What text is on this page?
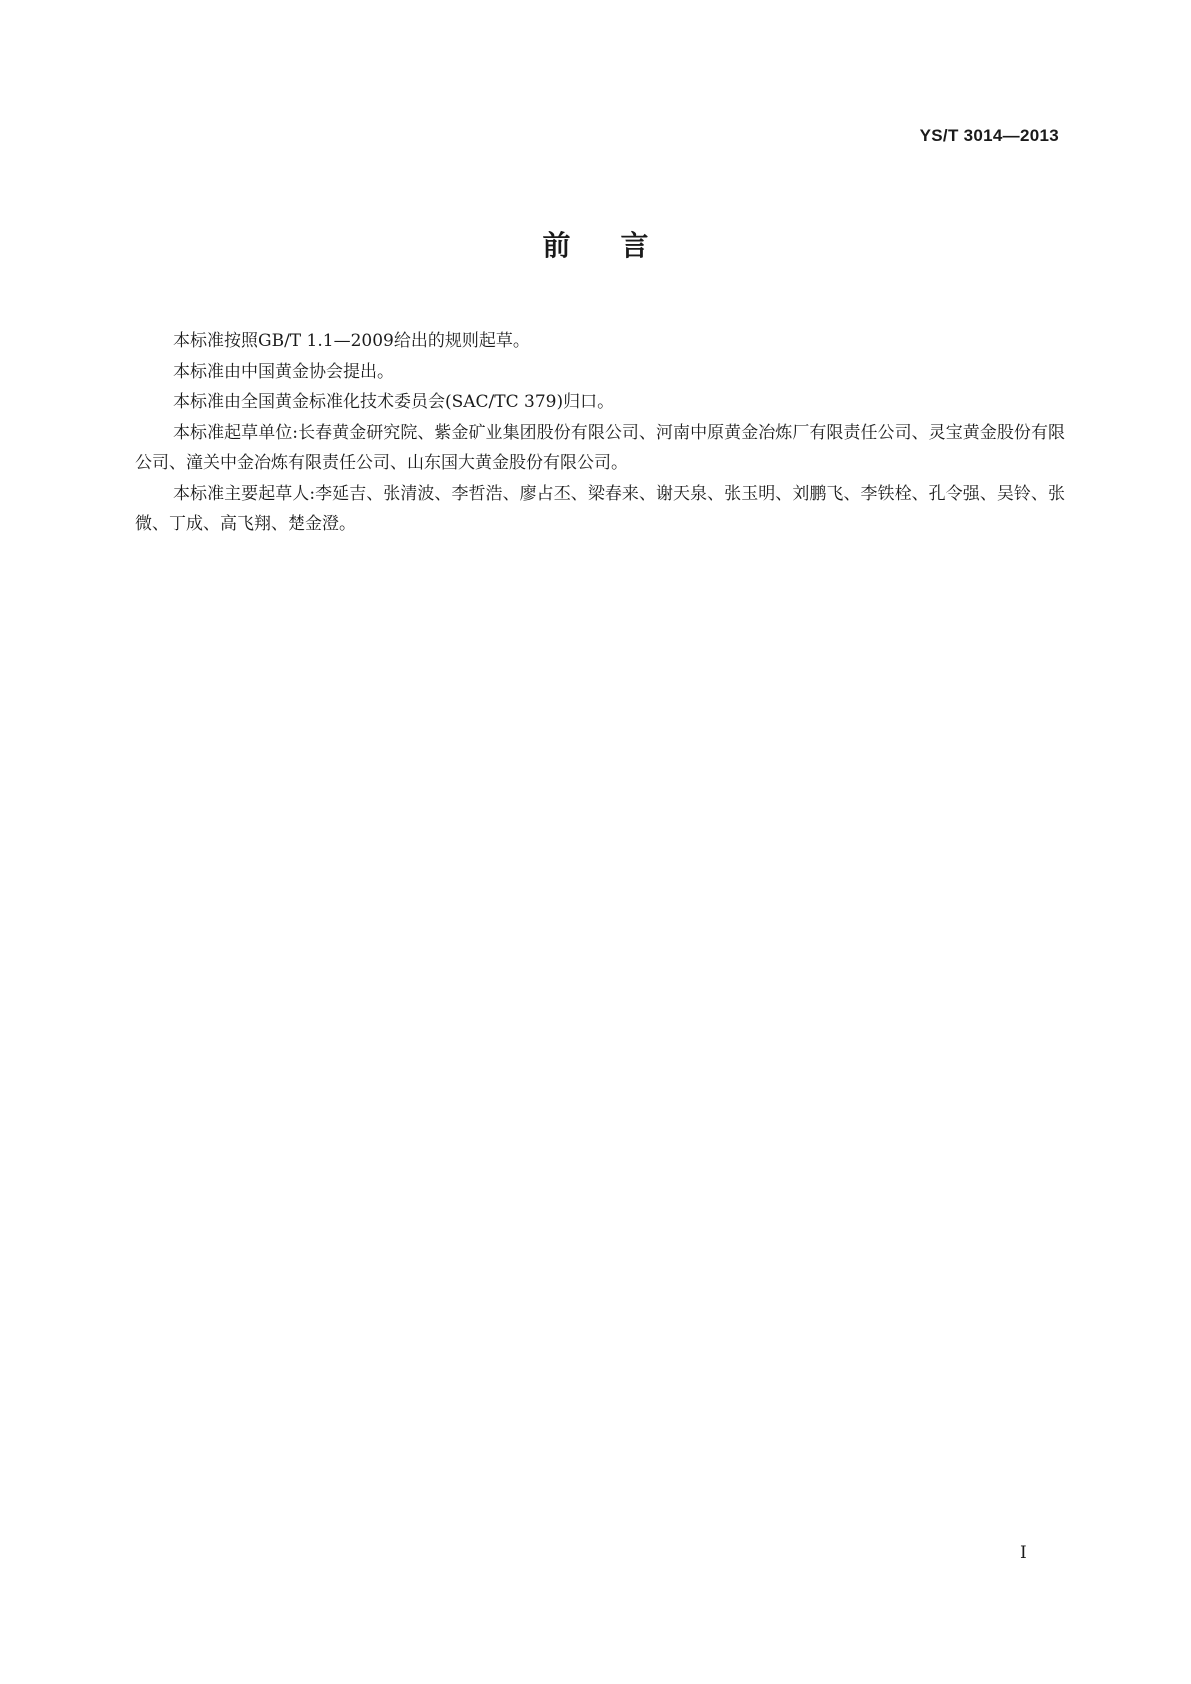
YS/T 3014—2013
前言

本标准按照GB/T 1.1—2009给出的规则起草。

本标准由中国黄金协会提出。

本标准由全国黄金标准化技术委员会(SAC/TC 379)归口。

本标准起草单位:长春黄金研究院、紫金矿业集团股份有限公司、河南中原黄金冶炼厂有限责任公司、灵宝黄金股份有限公司、潼关中金冶炼有限责任公司、山东国大黄金股份有限公司。

本标准主要起草人:李延吉、张清波、李哲浩、廖占丕、梁春来、谢天泉、张玉明、刘鹏飞、李铁栓、孔令强、吴铃、张微、丁成、高飞翔、楚金澄。

I
